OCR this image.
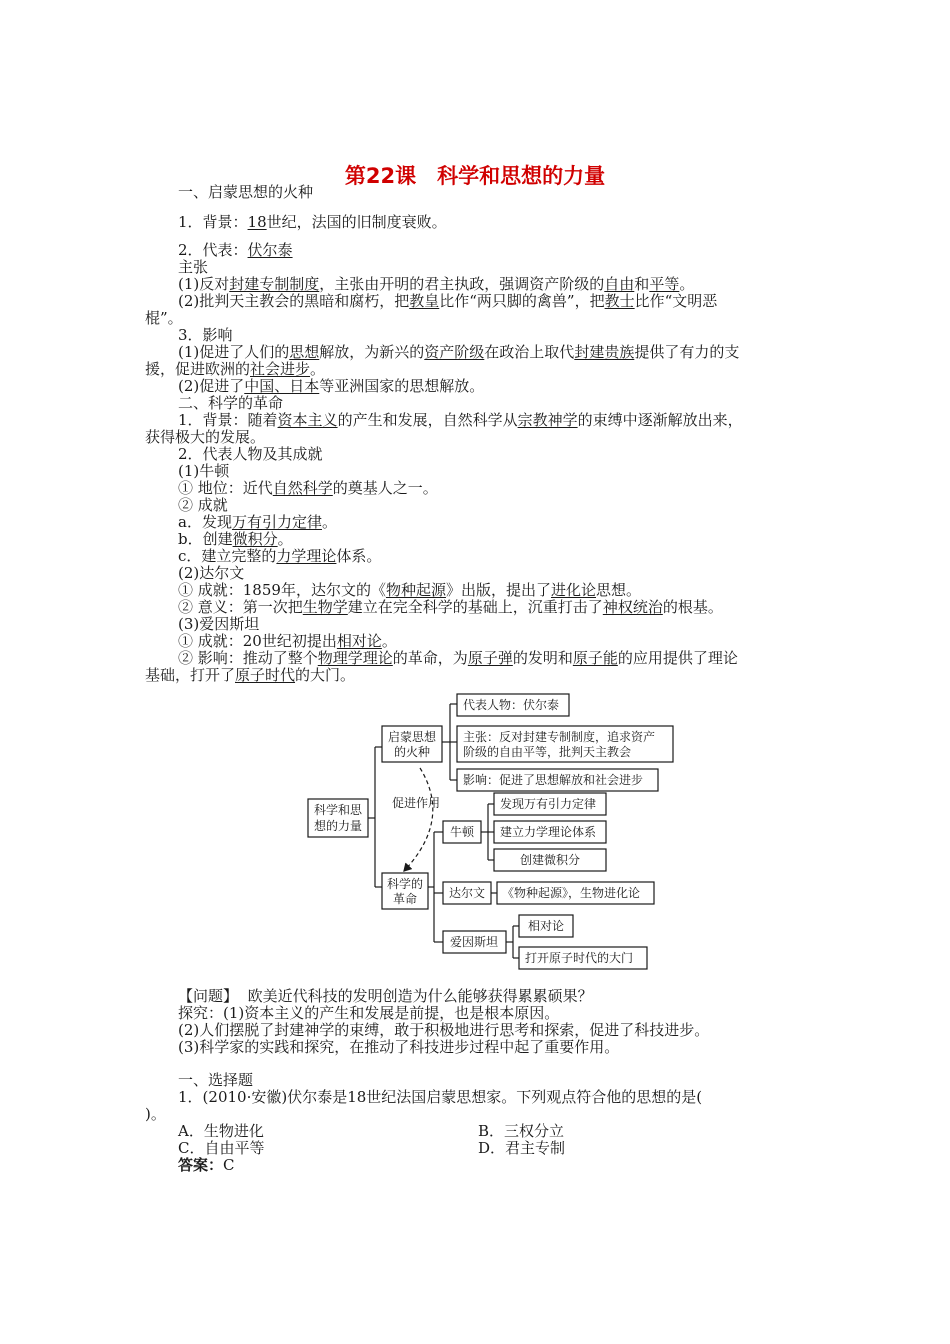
第22课　科学和思想的力量
一、启蒙思想的火种
1．背景：18世纪，法国的旧制度衰败。
2．代表：伏尔泰
主张
(1)反对封建专制制度，主张由开明的君主执政，强调资产阶级的自由和平等。
(2)批判天主教会的黑暗和腐朽，把教皇比作“两只脚的禽兽”，把教士比作“文明恶
棍”。
3．影响
(1)促进了人们的思想解放，为新兴的资产阶级在政治上取代封建贵族提供了有力的支
援，促进欧洲的社会进步。
(2)促进了中国、日本等亚洲国家的思想解放。
二、科学的革命
1．背景：随着资本主义的产生和发展，自然科学从宗教神学的束缚中逐渐解放出来，
获得极大的发展。
2．代表人物及其成就
(1)牛顿
① 地位：近代自然科学的奠基人之一。
② 成就
a．发现万有引力定律。
b．创建微积分。
c．建立完整的力学理论体系。
(2)达尔文
① 成就：1859年，达尔文的《物种起源》出版，提出了进化论思想。
② 意义：第一次把生物学建立在完全科学的基础上，沉重打击了神权统治的根基。
(3)爱因斯坦
① 成就：20世纪初提出相对论。
② 影响：推动了整个物理学理论的革命，为原子弹的发明和原子能的应用提供了理论
基础，打开了原子时代的大门。
科学和思
想的力量
启蒙思想
的火种
科学的
革命
促进作用
代表人物：伏尔泰
主张：反对封建专制制度，追求资产
阶级的自由平等，批判天主教会
影响：促进了思想解放和社会进步
牛顿
发现万有引力定律
建立力学理论体系
创建微积分
达尔文 《物种起源》，生物进化论
爱因斯坦
相对论
打开原子时代的大门
【问题】 欧美近代科技的发明创造为什么能够获得累累硕果？
探究：(1)资本主义的产生和发展是前提，也是根本原因。
(2)人们摆脱了封建神学的束缚，敢于积极地进行思考和探索，促进了科技进步。
(3)科学家的实践和探究，在推动了科技进步过程中起了重要作用。
一、选择题
1．(2010·安徽)伏尔泰是18世纪法国启蒙思想家。下列观点符合他的思想的是(
)。
A．生物进化	B．三权分立
C．自由平等	D．君主专制
答案：C
